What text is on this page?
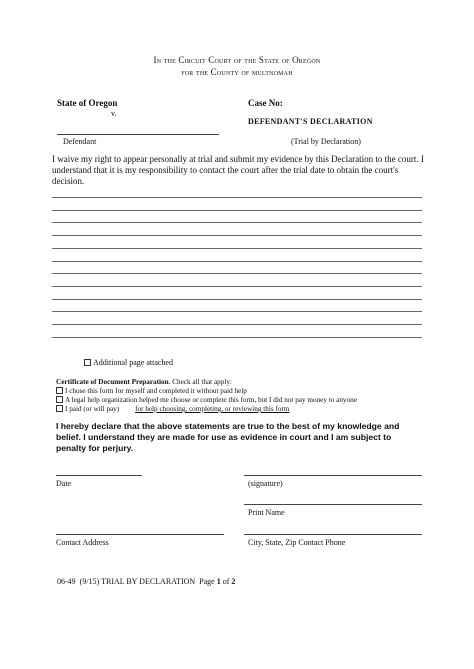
In the Circuit Court of the State of Oregon
for the County of multnomah
State of Oregon
v.
Defendant
Case No:
DEFENDANT'S DECLARATION
(Trial by Declaration)
I waive my right to appear personally at trial and submit my evidence by this Declaration to the court. I understand that it is my responsibility to contact the court after the trial date to obtain the court's decision.
Additional page attached
Certificate of Document Preparation. Check all that apply:
I chose this form for myself and completed it without paid help
A legal help organization helped me choose or complete this form, but I did not pay money to anyone
I paid (or will pay) for help choosing, completing, or reviewing this form
I hereby declare that the above statements are true to the best of my knowledge and belief. I understand they are made for use as evidence in court and I am subject to penalty for perjury.
Date	(signature)
Print Name
Contact Address	City, State, Zip Contact Phone
06-49 (9/15) TRIAL BY DECLARATION Page 1 of 2
